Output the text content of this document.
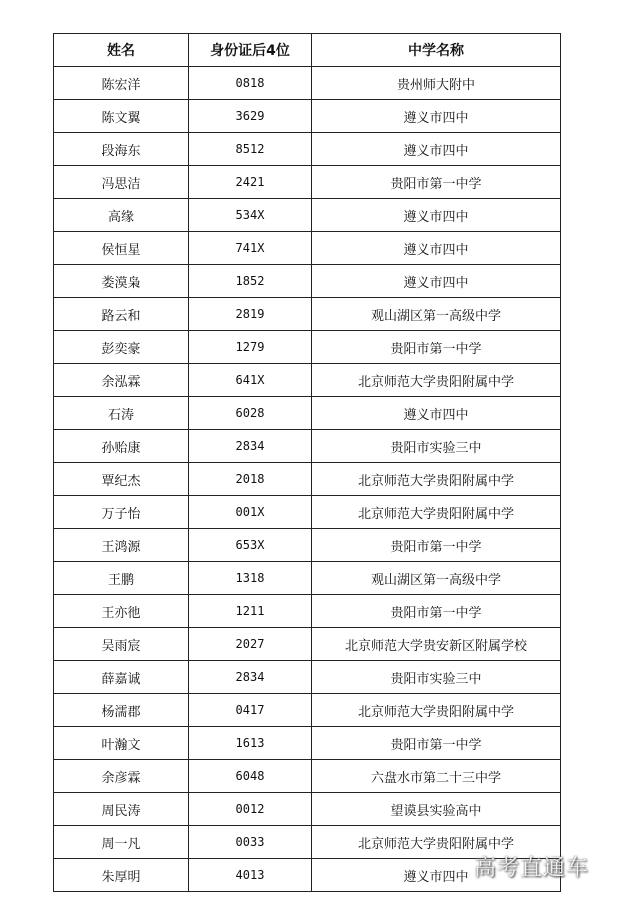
姓名	身份证后4位	中学名称
陈宏洋	0818	贵州师大附中
陈文翼	3629	遵义市四中
段海东	8512	遵义市四中
冯思洁	2421	贵阳市第一中学
高缘	534X	遵义市四中
侯恒星	741X	遵义市四中
娄漠枭	1852	遵义市四中
路云和	2819	观山湖区第一高级中学
彭奕豪	1279	贵阳市第一中学
余泓霖	641X	北京师范大学贵阳附属中学
石涛	6028	遵义市四中
孙贻康	2834	贵阳市实验三中
覃纪杰	2018	北京师范大学贵阳附属中学
万子怡	001X	北京师范大学贵阳附属中学
王鸿源	653X	贵阳市第一中学
王鹏	1318	观山湖区第一高级中学
王亦彵	1211	贵阳市第一中学
吴雨宸	2027	北京师范大学贵安新区附属学校
薛嘉诚	2834	贵阳市实验三中
杨濡郡	0417	北京师范大学贵阳附属中学
叶瀚文	1613	贵阳市第一中学
余彦霖	6048	六盘水市第二十三中学
周民涛	0012	望谟县实验高中
周一凡	0033	北京师范大学贵阳附属中学
朱厚明	4013	遵义市四中 高考直通车
